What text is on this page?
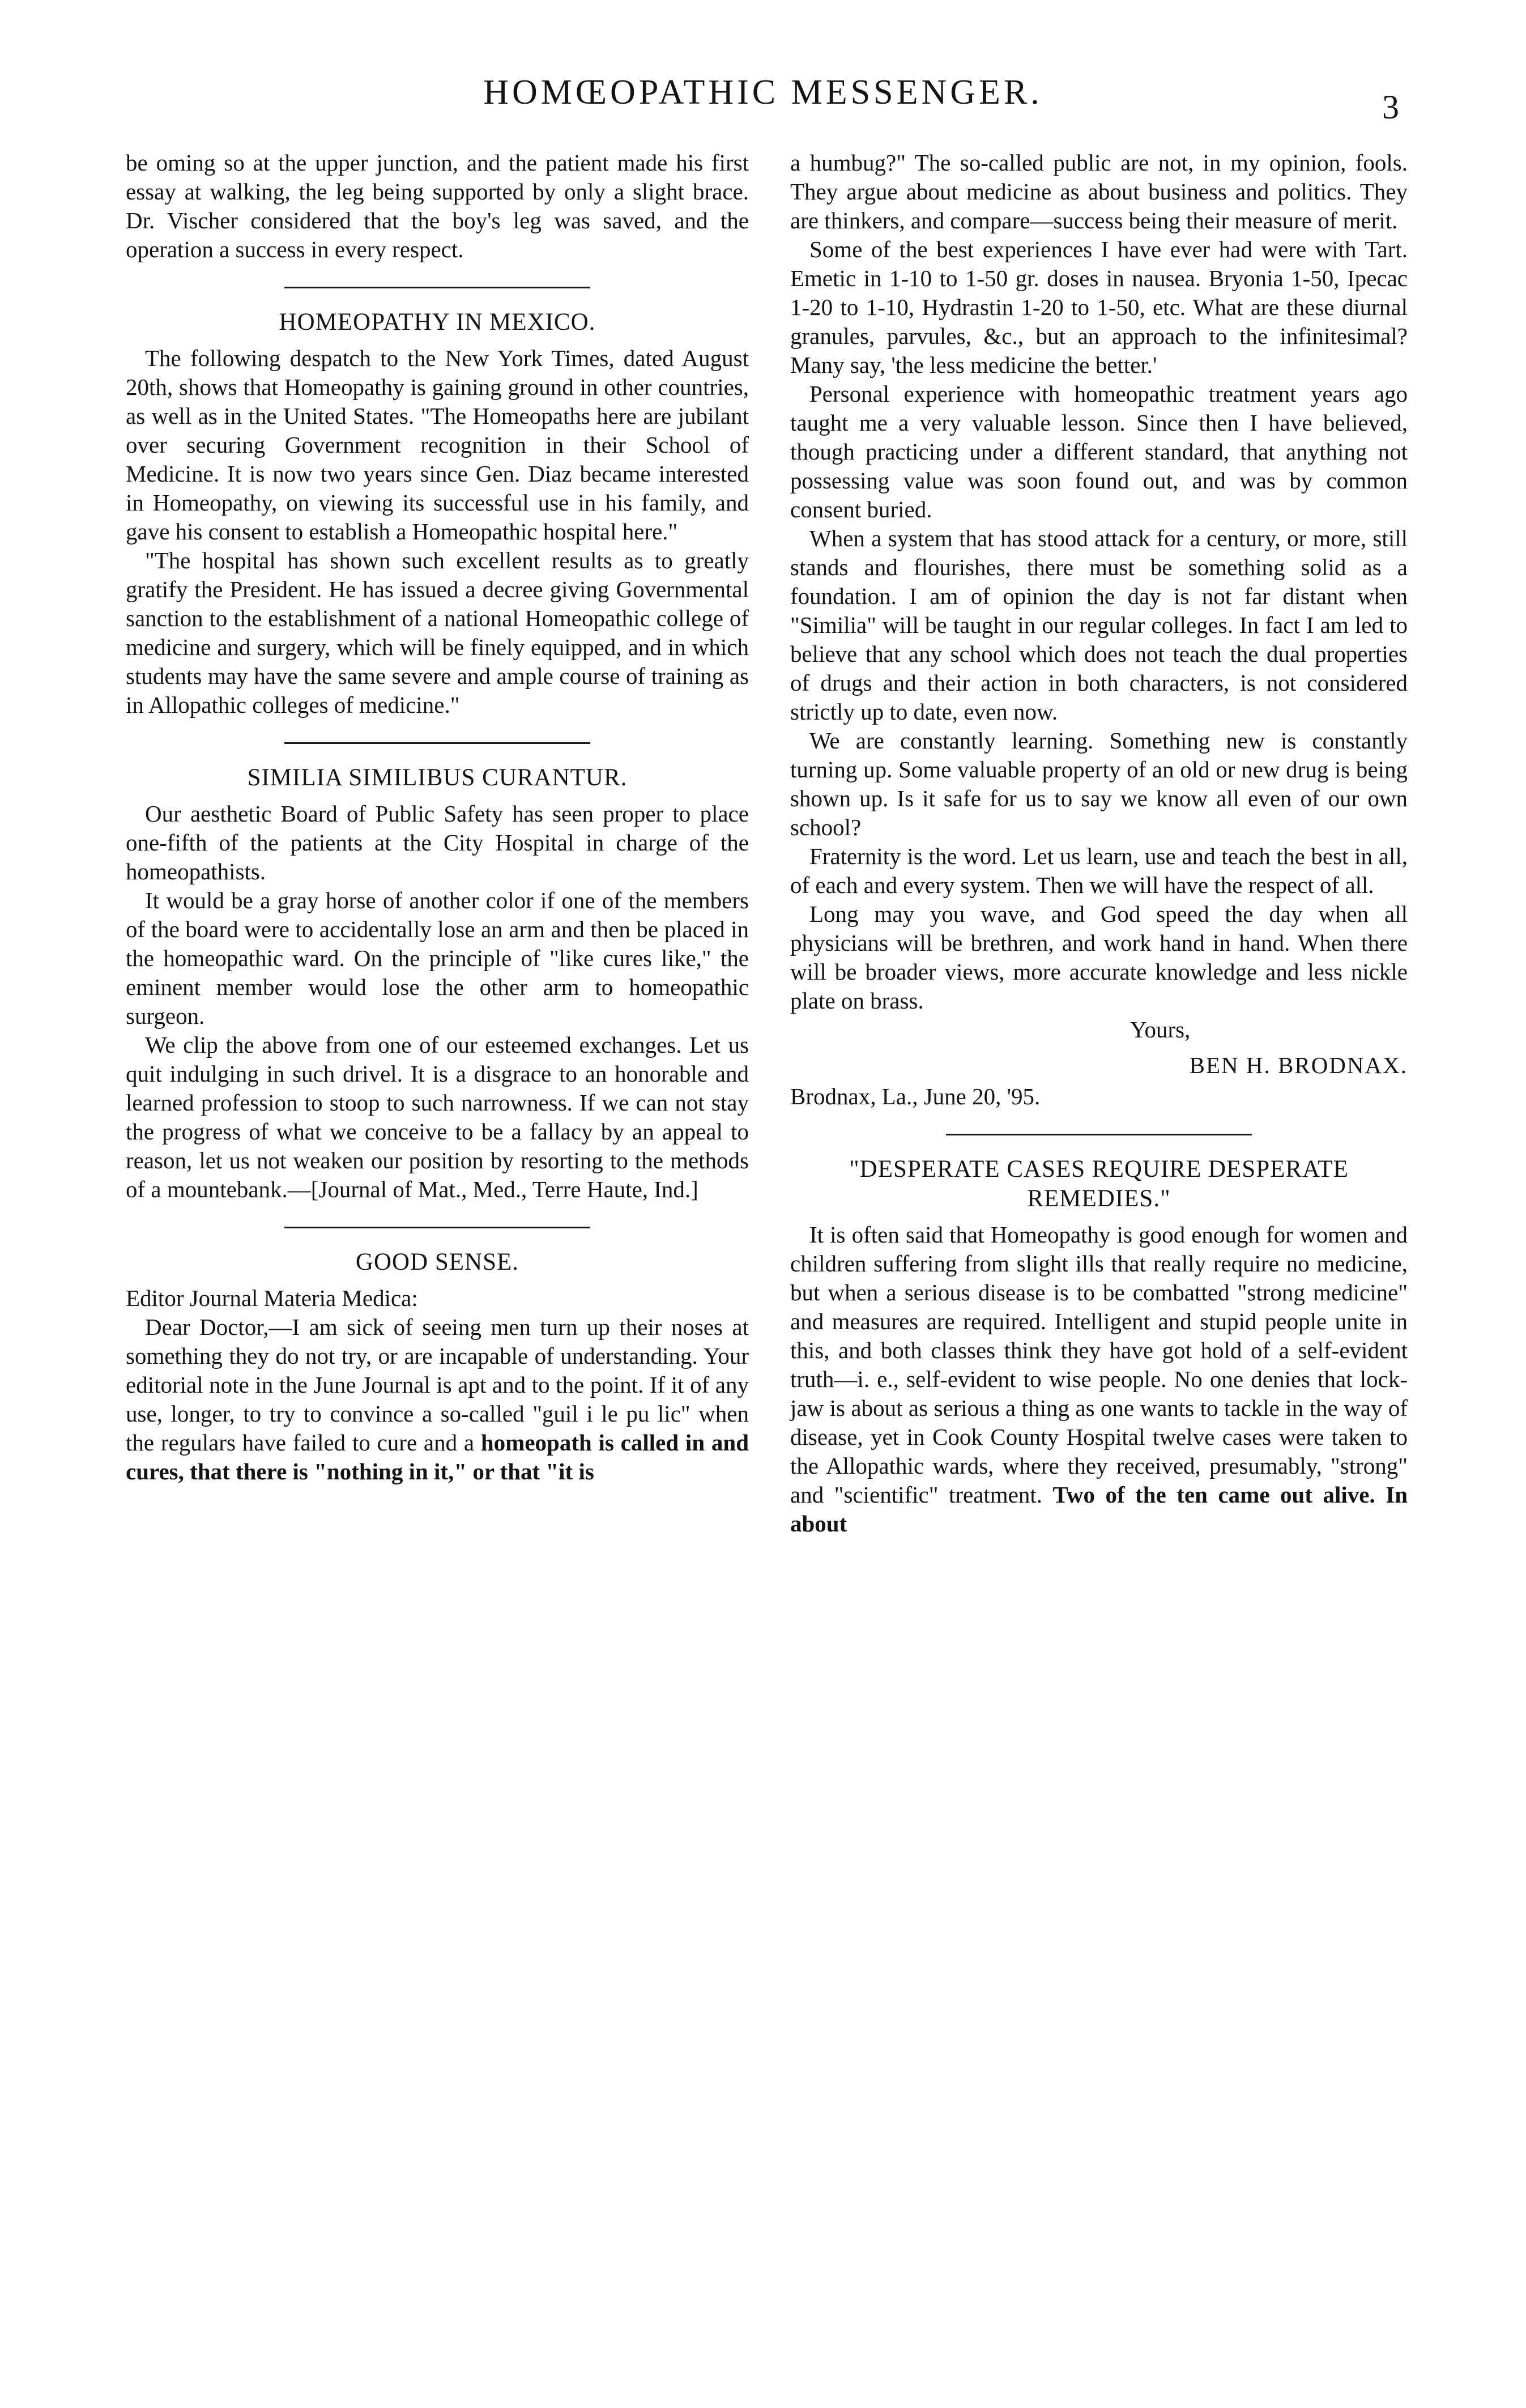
HOMŒOPATHIC MESSENGER.	3

be oming so at the upper junction, and the patient made his first essay at walking, the leg being supported by only a slight brace. Dr. Vischer considered that the boy's leg was saved, and the operation a success in every respect.

HOMEOPATHY IN MEXICO.

The following despatch to the New York Times, dated August 20th, shows that Homeopathy is gaining ground in other countries, as well as in the United States. "The Homeopaths here are jubilant over securing Government recognition in their School of Medicine. It is now two years since Gen. Diaz became interested in Homeopathy, on viewing its successful use in his family, and gave his consent to establish a Homeopathic hospital here."

"The hospital has shown such excellent results as to greatly gratify the President. He has issued a decree giving Governmental sanction to the establishment of a national Homeopathic college of medicine and surgery, which will be finely equipped, and in which students may have the same severe and ample course of training as in Allopathic colleges of medicine."

SIMILIA SIMILIBUS CURANTUR.

Our aesthetic Board of Public Safety has seen proper to place one-fifth of the patients at the City Hospital in charge of the homeopathists.

It would be a gray horse of another color if one of the members of the board were to accidentally lose an arm and then be placed in the homeopathic ward. On the principle of "like cures like," the eminent member would lose the other arm to homeopathic surgeon.

We clip the above from one of our esteemed exchanges. Let us quit indulging in such drivel. It is a disgrace to an honorable and learned profession to stoop to such narrowness. If we can not stay the progress of what we conceive to be a fallacy by an appeal to reason, let us not weaken our position by resorting to the methods of a mountebank.—[Journal of Mat., Med., Terre Haute, Ind.]

GOOD SENSE.

Editor Journal Materia Medica:

Dear Doctor,—I am sick of seeing men turn up their noses at something they do not try, or are incapable of understanding. Your editorial note in the June Journal is apt and to the point. If it of any use, longer, to try to convince a so-called "guil i le pu lic" when the regulars have failed to cure and a homeopath is called in and cures, that there is "nothing in it," or that "it is

a humbug?" The so-called public are not, in my opinion, fools. They argue about medicine as about business and politics. They are thinkers, and compare—success being their measure of merit.

Some of the best experiences I have ever had were with Tart. Emetic in 1-10 to 1-50 gr. doses in nausea. Bryonia 1-50, Ipecac 1-20 to 1-10, Hydrastin 1-20 to 1-50, etc. What are these diurnal granules, parvules, &c., but an approach to the infinitesimal? Many say, 'the less medicine the better.'

Personal experience with homeopathic treatment years ago taught me a very valuable lesson. Since then I have believed, though practicing under a different standard, that anything not possessing value was soon found out, and was by common consent buried.

When a system that has stood attack for a century, or more, still stands and flourishes, there must be something solid as a foundation. I am of opinion the day is not far distant when "Similia" will be taught in our regular colleges. In fact I am led to believe that any school which does not teach the dual properties of drugs and their action in both characters, is not considered strictly up to date, even now.

We are constantly learning. Something new is constantly turning up. Some valuable property of an old or new drug is being shown up. Is it safe for us to say we know all even of our own school?

Fraternity is the word. Let us learn, use and teach the best in all, of each and every system. Then we will have the respect of all.

Long may you wave, and God speed the day when all physicians will be brethren, and work hand in hand. When there will be broader views, more accurate knowledge and less nickle plate on brass.

Yours,

BEN H. BRODNAX.

Brodnax, La., June 20, '95.

"DESPERATE CASES REQUIRE DESPERATE REMEDIES."

It is often said that Homeopathy is good enough for women and children suffering from slight ills that really require no medicine, but when a serious disease is to be combatted "strong medicine" and measures are required. Intelligent and stupid people unite in this, and both classes think they have got hold of a self-evident truth—i. e., self-evident to wise people. No one denies that lock-jaw is about as serious a thing as one wants to tackle in the way of disease, yet in Cook County Hospital twelve cases were taken to the Allopathic wards, where they received, presumably, "strong" and "scientific" treatment. Two of the ten came out alive. In about
